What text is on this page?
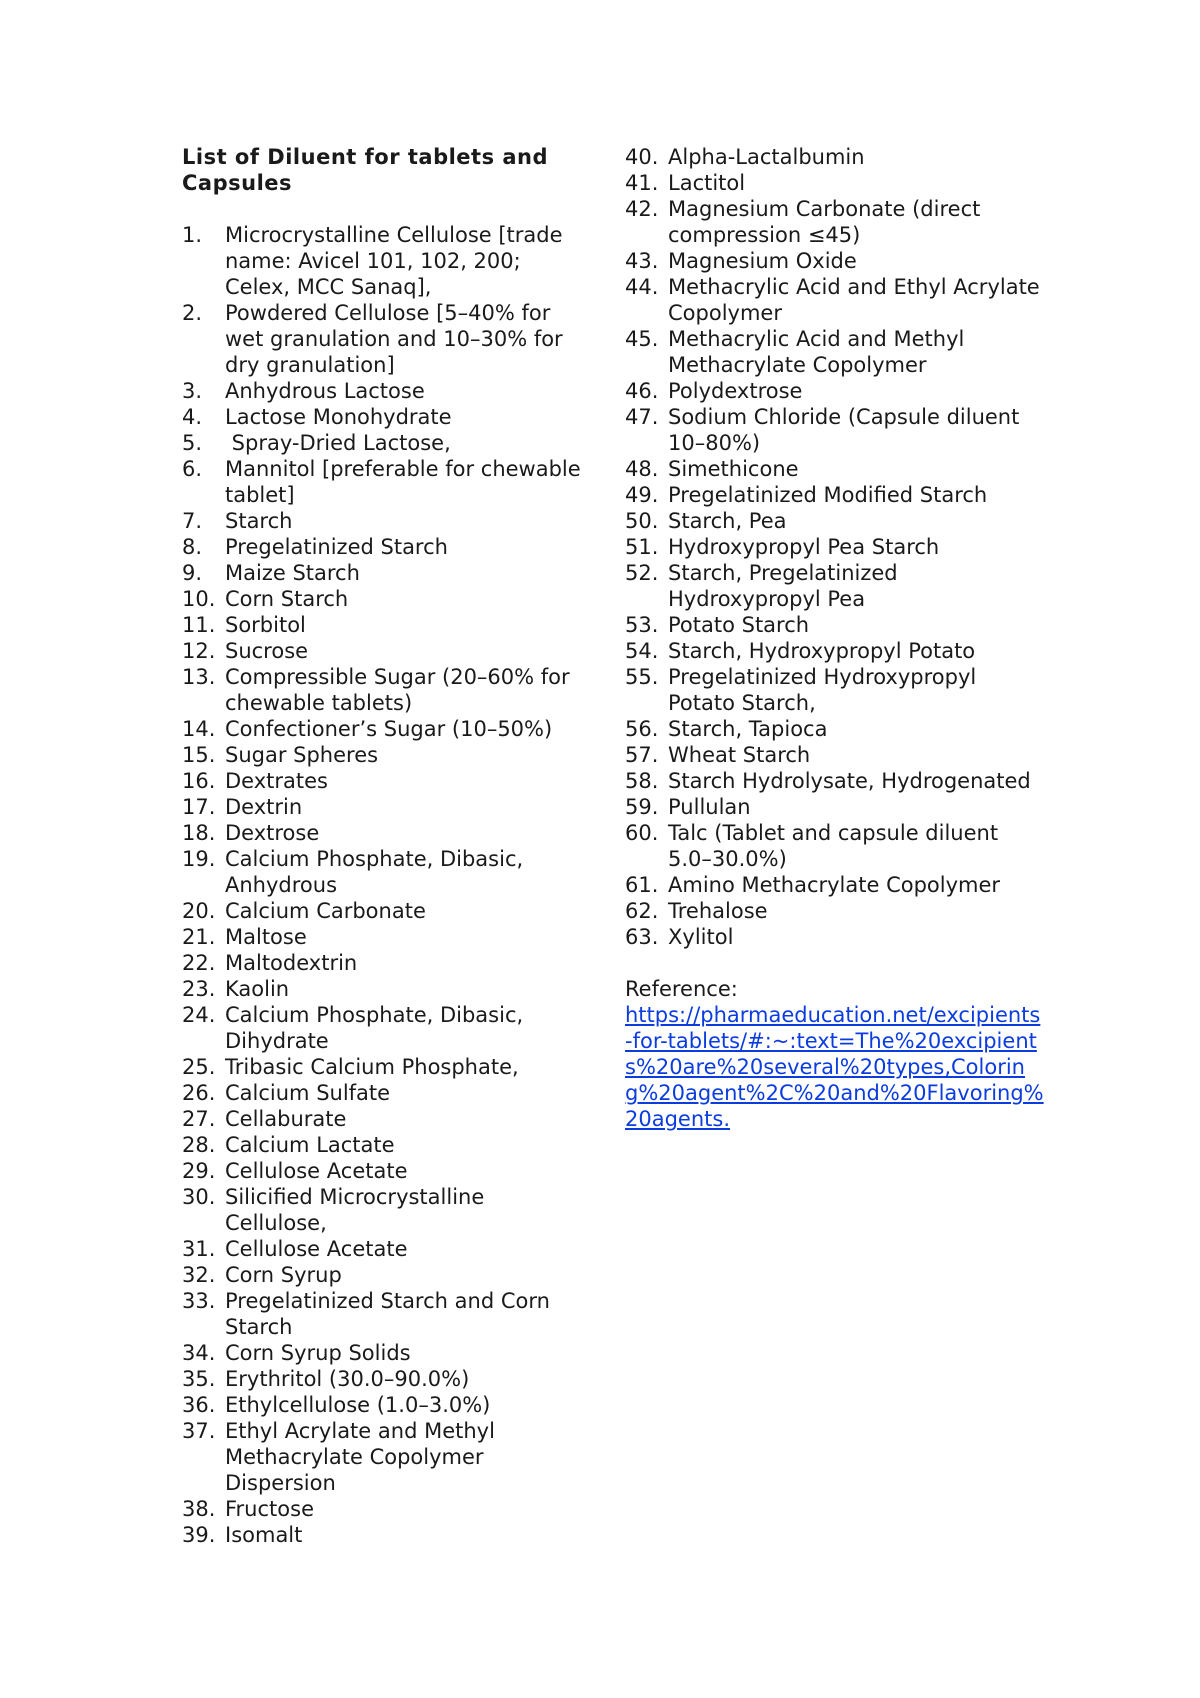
List of Diluent for tablets and Capsules
1.	Microcrystalline Cellulose [trade name: Avicel 101, 102, 200; Celex, MCC Sanaq],
2.	Powdered Cellulose [5–40% for wet granulation and 10–30% for dry granulation]
3.	Anhydrous Lactose
4.	Lactose Monohydrate
5.	Spray-Dried Lactose,
6.	Mannitol [preferable for chewable tablet]
7.	Starch
8.	Pregelatinized Starch
9.	Maize Starch
10. Corn Starch
11. Sorbitol
12. Sucrose
13. Compressible Sugar (20–60% for chewable tablets)
14. Confectioner’s Sugar (10–50%)
15. Sugar Spheres
16. Dextrates
17. Dextrin
18. Dextrose
19. Calcium Phosphate, Dibasic, Anhydrous
20. Calcium Carbonate
21. Maltose
22. Maltodextrin
23. Kaolin
24. Calcium Phosphate, Dibasic, Dihydrate
25. Tribasic Calcium Phosphate,
26. Calcium Sulfate
27. Cellaburate
28. Calcium Lactate
29. Cellulose Acetate
30. Silicified Microcrystalline Cellulose,
31. Cellulose Acetate
32. Corn Syrup
33. Pregelatinized Starch and Corn Starch
34. Corn Syrup Solids
35. Erythritol (30.0–90.0%)
36. Ethylcellulose (1.0–3.0%)
37. Ethyl Acrylate and Methyl Methacrylate Copolymer Dispersion
38. Fructose
39. Isomalt
40. Alpha-Lactalbumin
41. Lactitol
42. Magnesium Carbonate (direct compression ≤45)
43. Magnesium Oxide
44. Methacrylic Acid and Ethyl Acrylate Copolymer
45. Methacrylic Acid and Methyl Methacrylate Copolymer
46. Polydextrose
47. Sodium Chloride (Capsule diluent 10–80%)
48. Simethicone
49. Pregelatinized Modified Starch
50. Starch, Pea
51. Hydroxypropyl Pea Starch
52. Starch, Pregelatinized Hydroxypropyl Pea
53. Potato Starch
54. Starch, Hydroxypropyl Potato
55. Pregelatinized Hydroxypropyl Potato Starch,
56. Starch, Tapioca
57. Wheat Starch
58. Starch Hydrolysate, Hydrogenated
59. Pullulan
60. Talc (Tablet and capsule diluent 5.0–30.0%)
61. Amino Methacrylate Copolymer
62. Trehalose
63. Xylitol
Reference:
https://pharmaeducation.net/excipients-for-tablets/#:~:text=The%20excipients%20are%20several%20types,Coloring%20agent%2C%20and%20Flavoring%20agents.
